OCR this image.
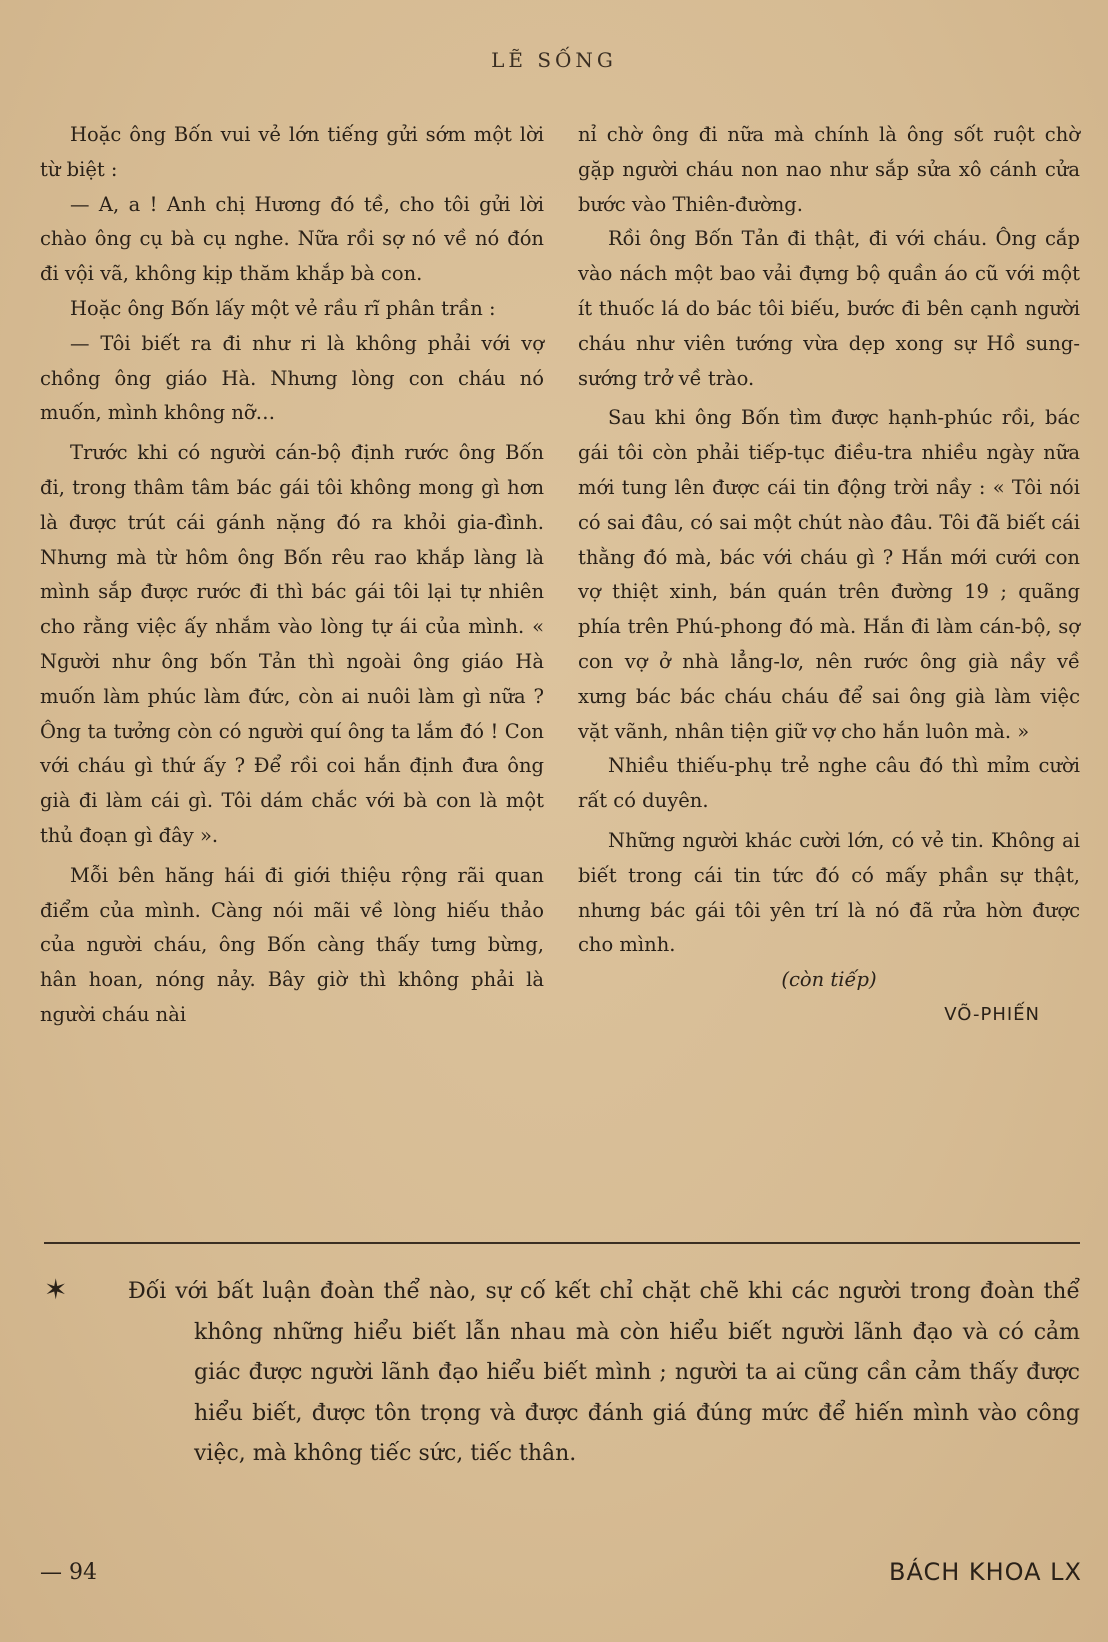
LẼ SỐNG

Hoặc ông Bốn vui vẻ lớn tiếng gửi sớm một lời từ biệt :

— A, a ! Anh chị Hương đó tề, cho tôi gửi lời chào ông cụ bà cụ nghe. Nữa rồi sợ nó về nó đón đi vội vã, không kịp thăm khắp bà con.

Hoặc ông Bốn lấy một vẻ rầu rĩ phân trần :

— Tôi biết ra đi như ri là không phải với vợ chồng ông giáo Hà. Nhưng lòng con cháu nó muốn, mình không nỡ…

Trước khi có người cán-bộ định rước ông Bốn đi, trong thâm tâm bác gái tôi không mong gì hơn là được trút cái gánh nặng đó ra khỏi gia-đình. Nhưng mà từ hôm ông Bốn rêu rao khắp làng là mình sắp được rước đi thì bác gái tôi lại tự nhiên cho rằng việc ấy nhắm vào lòng tự ái của mình. « Người như ông bốn Tản thì ngoài ông giáo Hà muốn làm phúc làm đức, còn ai nuôi làm gì nữa ? Ông ta tưởng còn có người quí ông ta lắm đó ! Con với cháu gì thứ ấy ? Để rồi coi hắn định đưa ông già đi làm cái gì. Tôi dám chắc với bà con là một thủ đoạn gì đây ».

Mỗi bên hăng hái đi giới thiệu rộng rãi quan điểm của mình. Càng nói mãi về lòng hiếu thảo của người cháu, ông Bốn càng thấy tưng bừng, hân hoan, nóng nảy. Bây giờ thì không phải là người cháu nài

nỉ chờ ông đi nữa mà chính là ông sốt ruột chờ gặp người cháu non nao như sắp sửa xô cánh cửa bước vào Thiên-đường.

Rồi ông Bốn Tản đi thật, đi với cháu. Ông cắp vào nách một bao vải đựng bộ quần áo cũ với một ít thuốc lá do bác tôi biếu, bước đi bên cạnh người cháu như viên tướng vừa dẹp xong sự Hồ sung-sướng trở về trào.

Sau khi ông Bốn tìm được hạnh-phúc rồi, bác gái tôi còn phải tiếp-tục điều-tra nhiều ngày nữa mới tung lên được cái tin động trời nầy : « Tôi nói có sai đâu, có sai một chút nào đâu. Tôi đã biết cái thằng đó mà, bác với cháu gì ? Hắn mới cưới con vợ thiệt xinh, bán quán trên đường 19 ; quãng phía trên Phú-phong đó mà. Hắn đi làm cán-bộ, sợ con vợ ở nhà lẳng-lơ, nên rước ông già nầy về xưng bác bác cháu cháu để sai ông già làm việc vặt vãnh, nhân tiện giữ vợ cho hắn luôn mà. »

Nhiều thiếu-phụ trẻ nghe câu đó thì mỉm cười rất có duyên.

Những người khác cười lớn, có vẻ tin. Không ai biết trong cái tin tức đó có mấy phần sự thật, nhưng bác gái tôi yên trí là nó đã rửa hờn được cho mình.

(còn tiếp)

VÕ-PHIẾN

✶	Đối với bất luận đoàn thể nào, sự cố kết chỉ chặt chẽ khi các người trong đoàn thể không những hiểu biết lẫn nhau mà còn hiểu biết người lãnh đạo và có cảm giác được người lãnh đạo hiểu biết mình ; người ta ai cũng cần cảm thấy được hiểu biết, được tôn trọng và được đánh giá đúng mức để hiến mình vào công việc, mà không tiếc sức, tiếc thân.

— 94	BÁCH KHOA LX
